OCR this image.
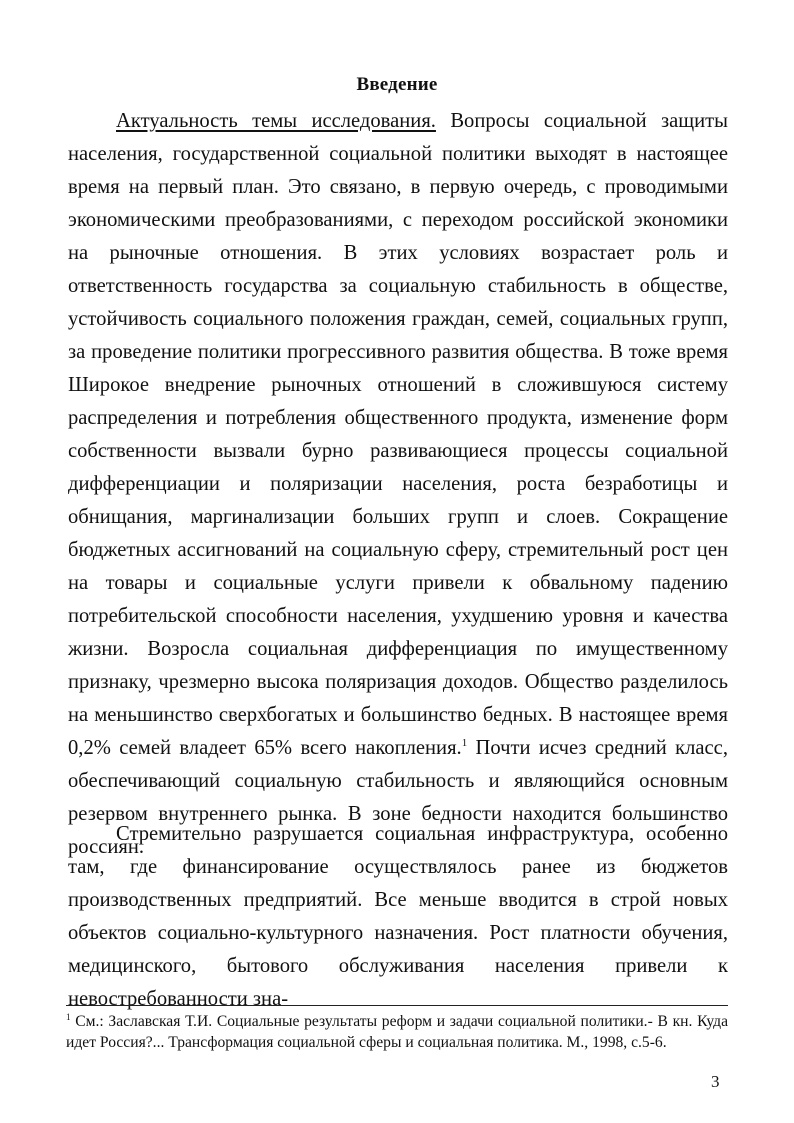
Введение
Актуальность темы исследования. Вопросы социальной защиты населения, государственной социальной политики выходят в настоящее время на первый план. Это связано, в первую очередь, с проводимыми экономическими преобразованиями, с переходом российской экономики на рыночные отношения. В этих условиях возрастает роль и ответственность государства за социальную стабильность в обществе, устойчивость социального положения граждан, семей, социальных групп, за проведение политики прогрессивного развития общества. В тоже время Широкое внедрение рыночных отношений в сложившуюся систему распределения и потребления общественного продукта, изменение форм собственности вызвали бурно развивающиеся процессы социальной дифференциации и поляризации населения, роста безработицы и обнищания, маргинализации больших групп и слоев. Сокращение бюджетных ассигнований на социальную сферу, стремительный рост цен на товары и социальные услуги привели к обвальному падению потребительской способности населения, ухудшению уровня и качества жизни. Возросла социальная дифференциация по имущественному признаку, чрезмерно высока поляризация доходов. Общество разделилось на меньшинство сверхбогатых и большинство бедных. В настоящее время 0,2% семей владеет 65% всего накопления.$^1$ Почти исчез средний класс, обеспечивающий социальную стабильность и являющийся основным резервом внутреннего рынка. В зоне бедности находится большинство россиян.
Стремительно разрушается социальная инфраструктура, особенно там, где финансирование осуществлялось ранее из бюджетов производственных предприятий. Все меньше вводится в строй новых объектов социально-культурного назначения. Рост платности обучения, медицинского, бытового обслуживания населения привели к невостребованности зна-
$^1$ См.: Заславская Т.И. Социальные результаты реформ и задачи социальной политики.- В кн. Куда идет Россия?... Трансформация социальной сферы и социальная политика. М., 1998, с.5-6.
3
